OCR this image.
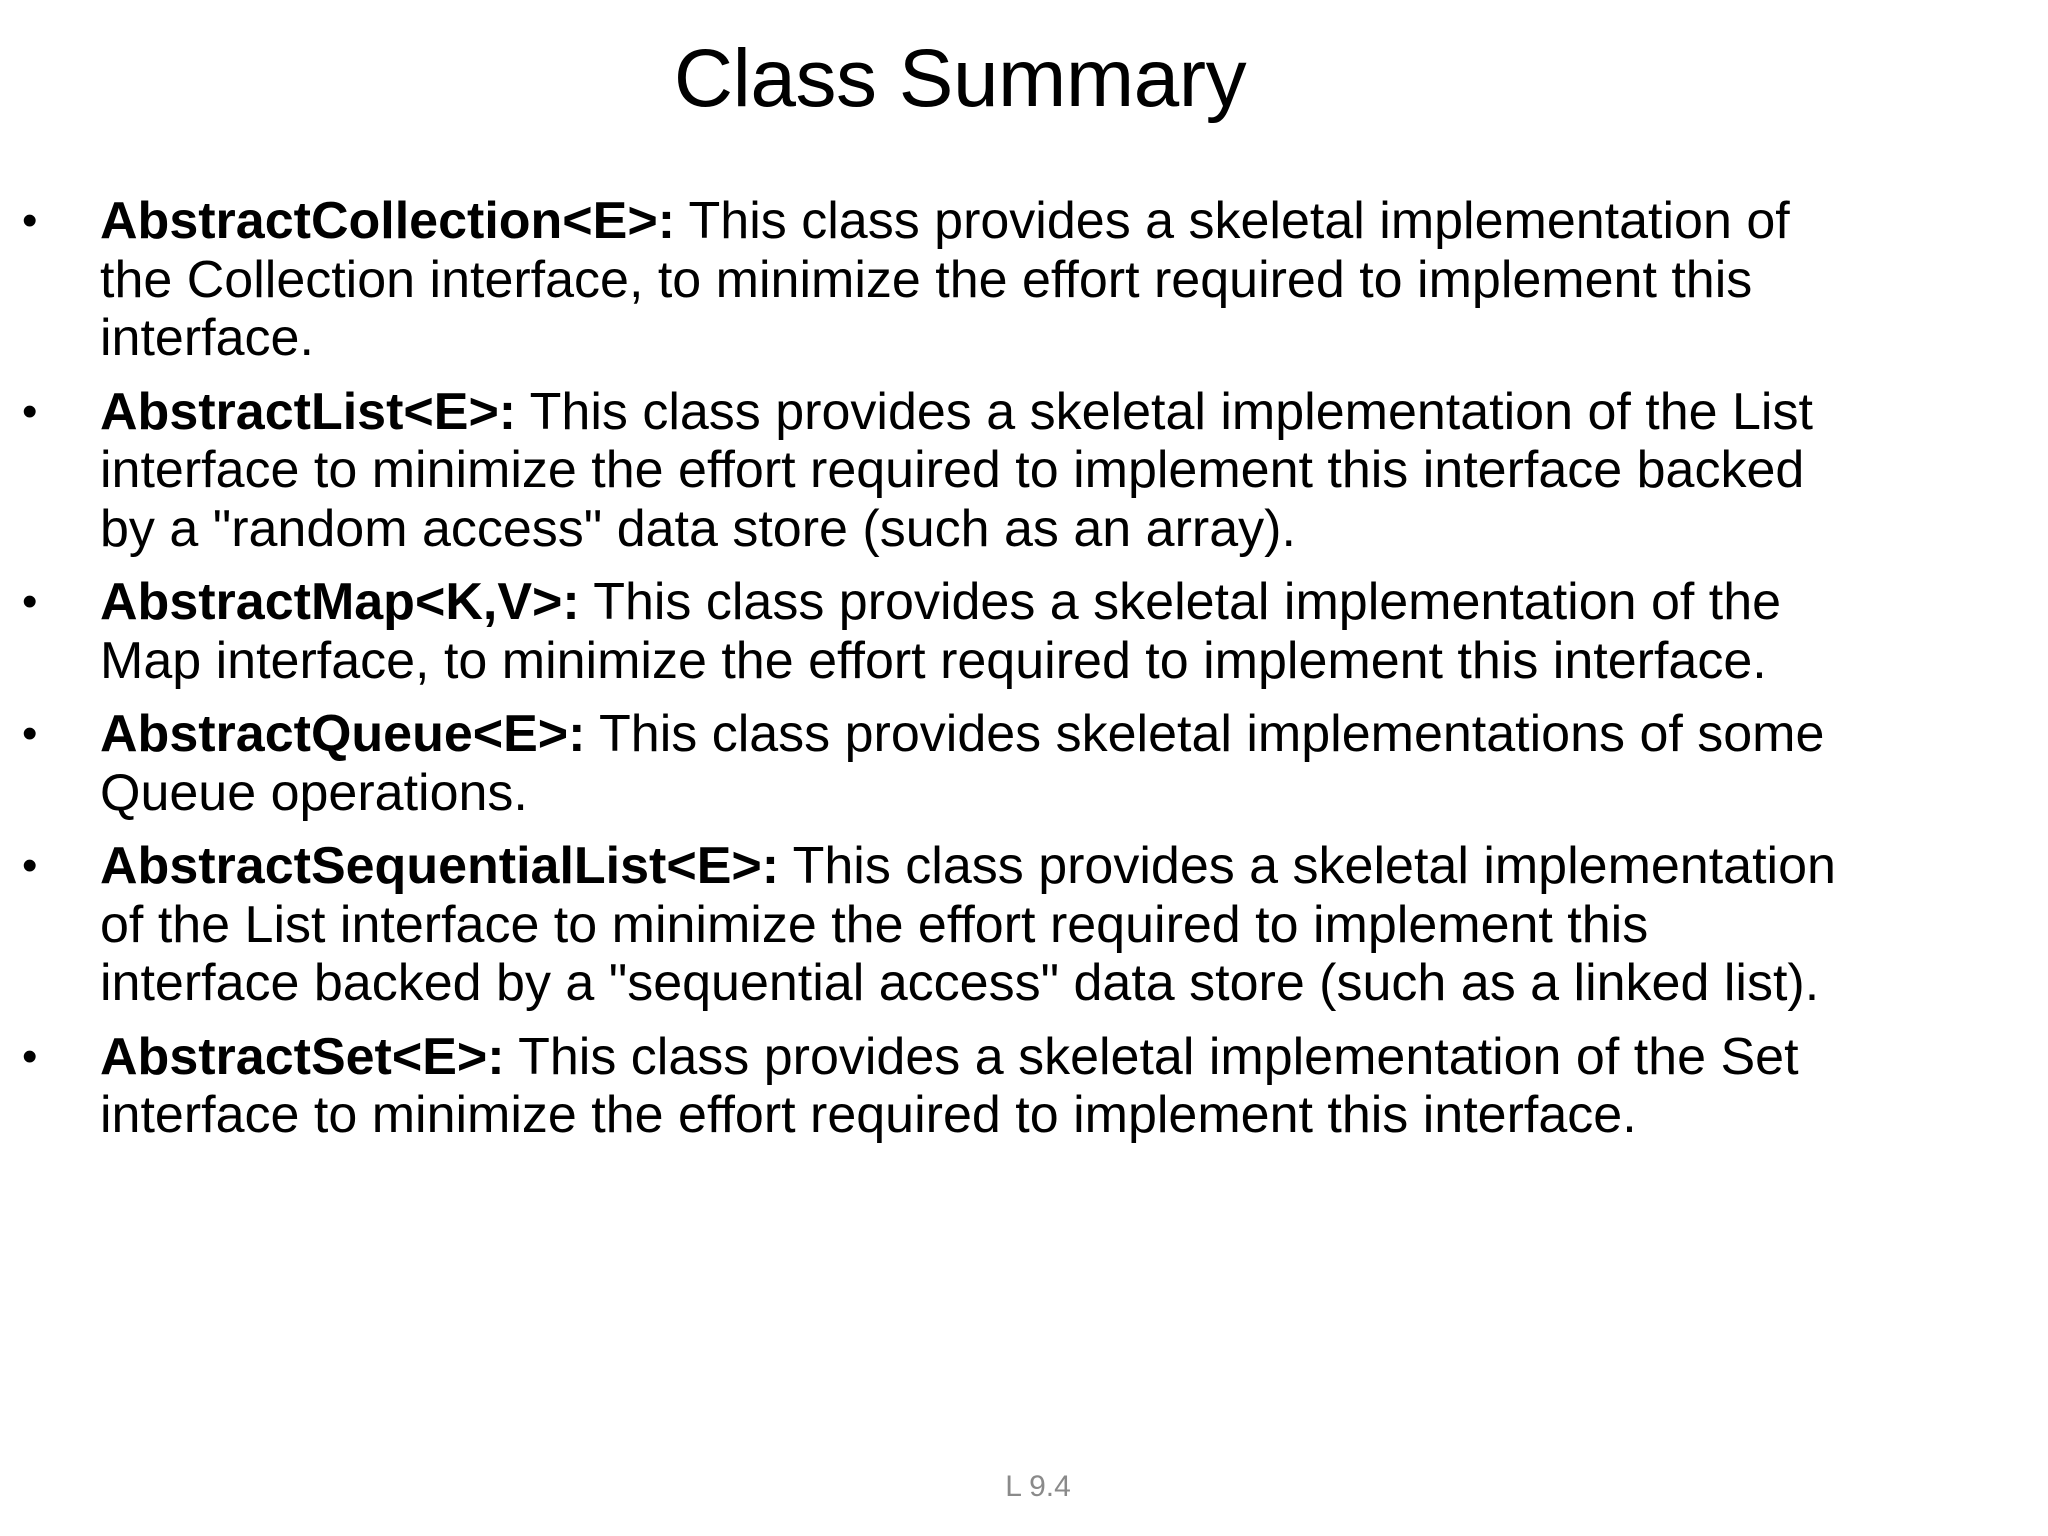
Class Summary
• AbstractCollection<E>: This class provides a skeletal implementation of the Collection interface, to minimize the effort required to implement this interface.
• AbstractList<E>: This class provides a skeletal implementation of the List interface to minimize the effort required to implement this interface backed by a "random access" data store (such as an array).
• AbstractMap<K,V>: This class provides a skeletal implementation of the Map interface, to minimize the effort required to implement this interface.
• AbstractQueue<E>: This class provides skeletal implementations of some Queue operations.
• AbstractSequentialList<E>: This class provides a skeletal implementation of the List interface to minimize the effort required to implement this interface backed by a "sequential access" data store (such as a linked list).
• AbstractSet<E>: This class provides a skeletal implementation of the Set interface to minimize the effort required to implement this interface.
L 9.4
